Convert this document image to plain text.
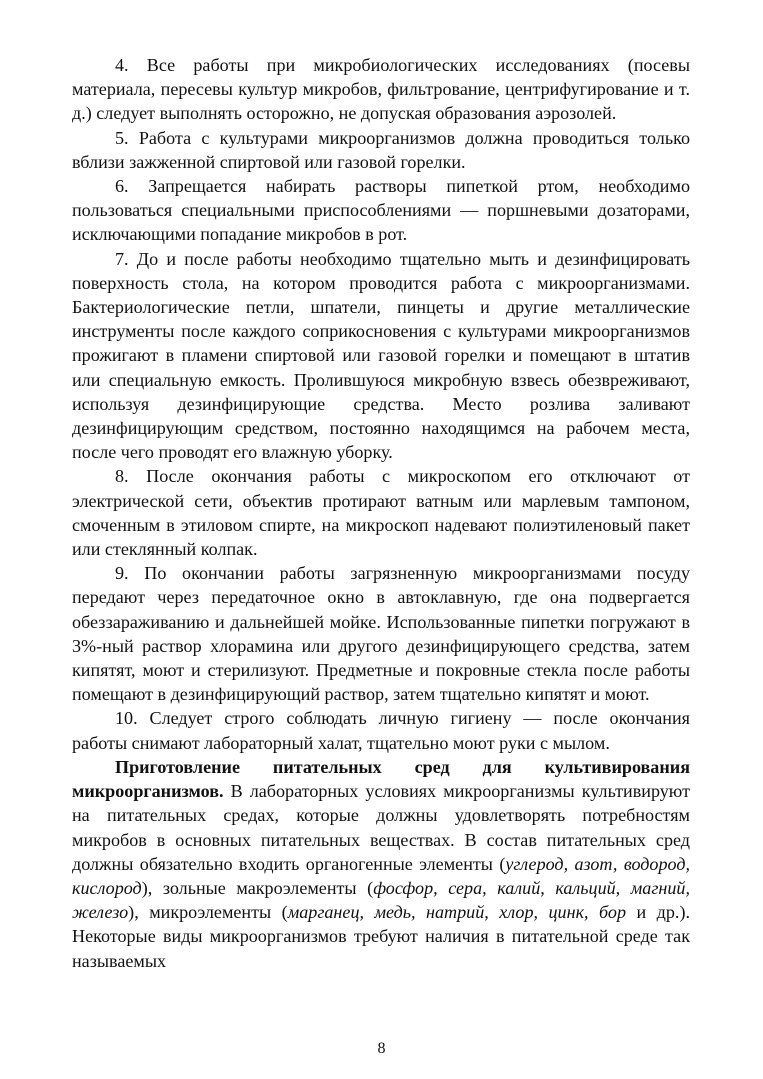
4. Все работы при микробиологических исследованиях (посевы материала, пересевы культур микробов, фильтрование, центрифугирование и т. д.) следует выполнять осторожно, не допуская образования аэрозолей.

5. Работа с культурами микроорганизмов должна проводиться только вблизи зажженной спиртовой или газовой горелки.

6. Запрещается набирать растворы пипеткой ртом, необходимо пользоваться специальными приспособлениями — поршневыми дозаторами, исключающими попадание микробов в рот.

7. До и после работы необходимо тщательно мыть и дезинфицировать поверхность стола, на котором проводится работа с микроорганизмами. Бактериологические петли, шпатели, пинцеты и другие металлические инструменты после каждого соприкосновения с культурами микроорганизмов прожигают в пламени спиртовой или газовой горелки и помещают в штатив или специальную емкость. Пролившуюся микробную взвесь обезвреживают, используя дезинфицирующие средства. Место розлива заливают дезинфицирующим средством, постоянно находящимся на рабочем места, после чего проводят его влажную уборку.

8. После окончания работы с микроскопом его отключают от электрической сети, объектив протирают ватным или марлевым тампоном, смоченным в этиловом спирте, на микроскоп надевают полиэтиленовый пакет или стеклянный колпак.

9. По окончании работы загрязненную микроорганизмами посуду передают через передаточное окно в автоклавную, где она подвергается обеззараживанию и дальнейшей мойке. Использованные пипетки погружают в 3%-ный раствор хлорамина или другого дезинфицирующего средства, затем кипятят, моют и стерилизуют. Предметные и покровные стекла после работы помещают в дезинфицирующий раствор, затем тщательно кипятят и моют.

10. Следует строго соблюдать личную гигиену — после окончания работы снимают лабораторный халат, тщательно моют руки с мылом.

Приготовление питательных сред для культивирования микроорганизмов. В лабораторных условиях микроорганизмы культивируют на питательных средах, которые должны удовлетворять потребностям микробов в основных питательных веществах. В состав питательных сред должны обязательно входить органогенные элементы (углерод, азот, водород, кислород), зольные макроэлементы (фосфор, сера, калий, кальций, магний, железо), микроэлементы (марганец, медь, натрий, хлор, цинк, бор и др.). Некоторые виды микроорганизмов требуют наличия в питательной среде так называемых

8
